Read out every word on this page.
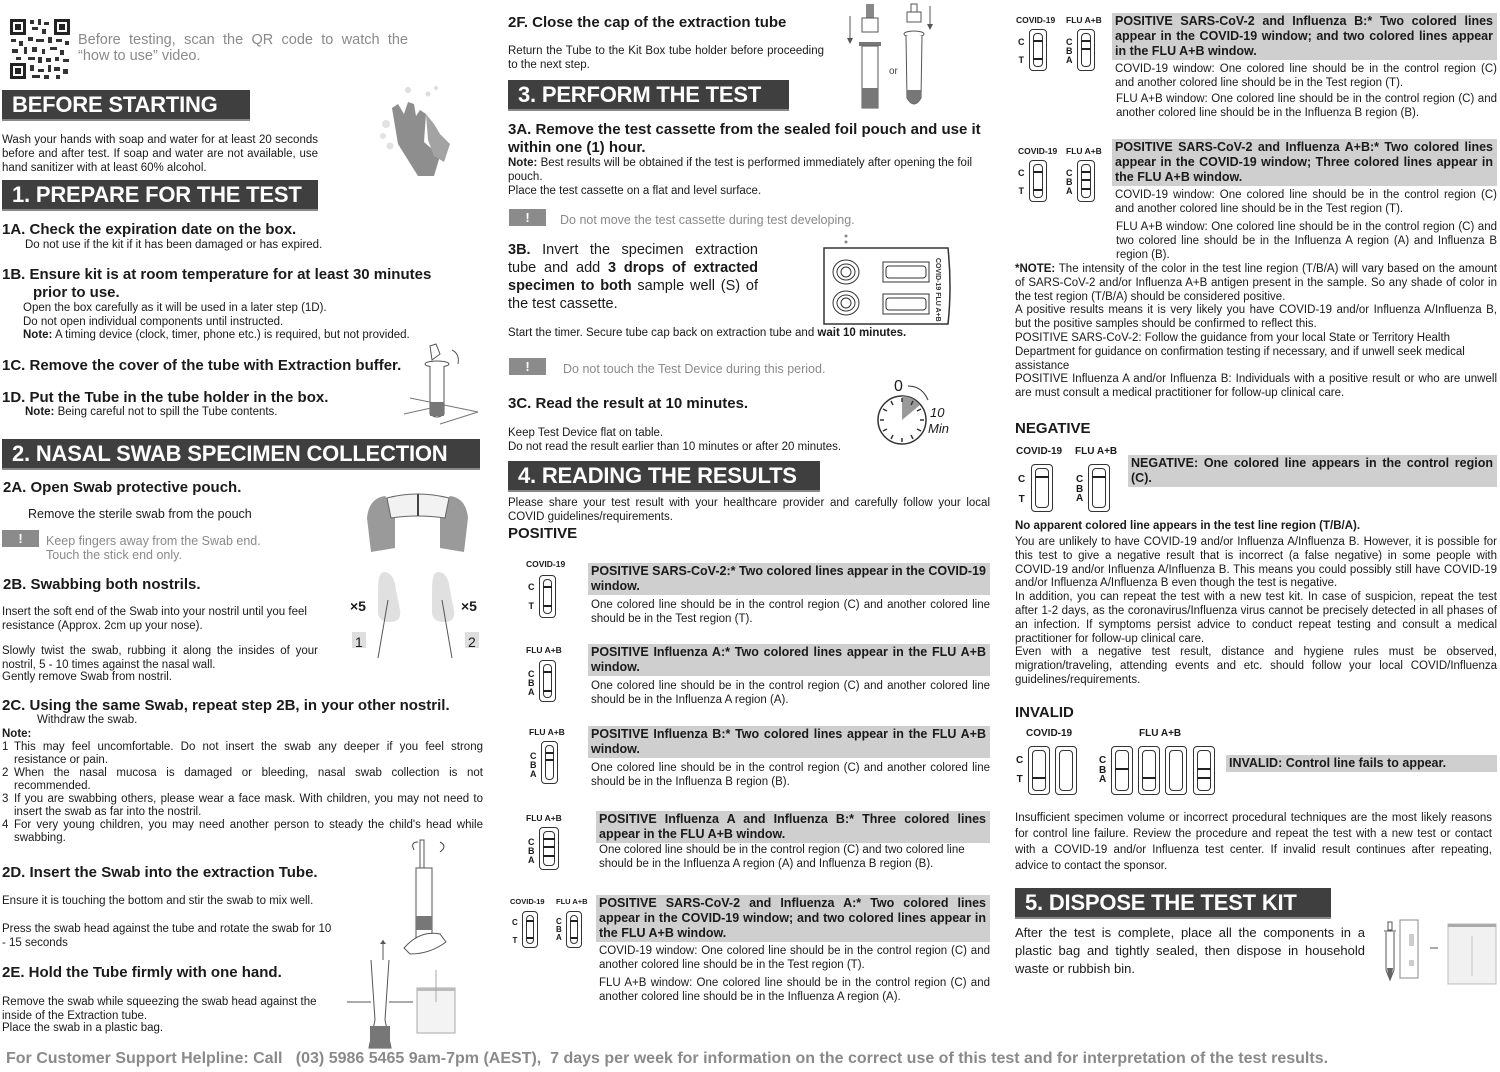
Before testing, scan the QR code to watch the “how to use” video.
BEFORE STARTING
Wash your hands with soap and water for at least 20 seconds before and after test. If soap and water are not available, use hand sanitizer with at least 60% alcohol.
1. PREPARE FOR THE TEST
1A. Check the expiration date on the box.
Do not use if the kit if it has been damaged or has expired.
1B. Ensure kit is at room temperature for at least 30 minutes
prior to use.
Open the box carefully as it will be used in a later step (1D).
Do not open individual components until instructed.
Note: A timing device (clock, timer, phone etc.) is required, but not provided.
1C. Remove the cover of the tube with Extraction buffer.
1D. Put the Tube in the tube holder in the box.
Note: Being careful not to spill the Tube contents.
2. NASAL SWAB SPECIMEN COLLECTION
2A. Open Swab protective pouch.
Remove the sterile swab from the pouch
!	Keep fingers away from the Swab end.
Touch the stick end only.
2B. Swabbing both nostrils.
Insert the soft end of the Swab into your nostril until you feel resistance (Approx. 2cm up your nose).
Slowly twist the swab, rubbing it along the insides of your nostril, 5 - 10 times against the nasal wall.
Gently remove Swab from nostril.
×5	×5
1	2
2C. Using the same Swab, repeat step 2B, in your other nostril.
Withdraw the swab.
Note:
1 This may feel uncomfortable. Do not insert the swab any deeper if you feel strong resistance or pain.
2 When the nasal mucosa is damaged or bleeding, nasal swab collection is not recommended.
3 If you are swabbing others, please wear a face mask. With children, you may not need to insert the swab as far into the nostril.
4 For very young children, you may need another person to steady the child's head while swabbing.
2D. Insert the Swab into the extraction Tube.
Ensure it is touching the bottom and stir the swab to mix well.
Press the swab head against the tube and rotate the swab for 10 - 15 seconds
2E. Hold the Tube firmly with one hand.
Remove the swab while squeezing the swab head against the inside of the Extraction tube.
Place the swab in a plastic bag.
2F. Close the cap of the extraction tube
Return the Tube to the Kit Box tube holder before proceeding to the next step.
or
3. PERFORM THE TEST
3A. Remove the test cassette from the sealed foil pouch and use it within one (1) hour.
Note: Best results will be obtained if the test is performed immediately after opening the foil pouch.
Place the test cassette on a flat and level surface.
!	Do not move the test cassette during test developing.
3B. Invert the specimen extraction tube and add 3 drops of extracted specimen to both sample well (S) of the test cassette.	COVID-19 FLU A+B
Start the timer. Secure tube cap back on extraction tube and wait 10 minutes.
!	Do not touch the Test Device during this period.
3C. Read the result at 10 minutes.
Keep Test Device flat on table.
Do not read the result earlier than 10 minutes or after 20 minutes.
0
10
Min
4. READING THE RESULTS
Please share your test result with your healthcare provider and carefully follow your local COVID guidelines/requirements.
POSITIVE
COVID-19
C
T
POSITIVE SARS-CoV-2:* Two colored lines appear in the COVID-19 window.
One colored line should be in the control region (C) and another colored line should be in the Test region (T).
FLU A+B
C
B
A
POSITIVE Influenza A:* Two colored lines appear in the FLU A+B window.
One colored line should be in the control region (C) and another colored line should be in the Influenza A region (A).
FLU A+B
C
B
A
POSITIVE Influenza B:* Two colored lines appear in the FLU A+B window.
One colored line should be in the control region (C) and another colored line should be in the Influenza B region (B).
FLU A+B
C
B
A
POSITIVE Influenza A and Influenza B:* Three colored lines appear in the FLU A+B window.
One colored line should be in the control region (C) and two colored line should be in the Influenza A region (A) and Influenza B region (B).
COVID-19 FLU A+B
C
T
C
B
A
POSITIVE SARS-CoV-2 and Influenza A:* Two colored lines appear in the COVID-19 window; and two colored lines appear in the FLU A+B window.
COVID-19 window: One colored line should be in the control region (C) and another colored line should be in the Test region (T).
FLU A+B window: One colored line should be in the control region (C) and another colored line should be in the Influenza A region (A).
COVID-19 FLU A+B
C
T
C
B
A
POSITIVE SARS-CoV-2 and Influenza B:* Two colored lines appear in the COVID-19 window; and two colored lines appear in the FLU A+B window.
COVID-19 window: One colored line should be in the control region (C) and another colored line should be in the Test region (T).
FLU A+B window: One colored line should be in the control region (C) and another colored line should be in the Influenza B region (B).
COVID-19 FLU A+B
C
T
C
B
A
POSITIVE SARS-CoV-2 and Influenza A+B:* Two colored lines appear in the COVID-19 window; Three colored lines appear in the FLU A+B window.
COVID-19 window: One colored line should be in the control region (C) and another colored line should be in the Test region (T).
FLU A+B window: One colored line should be in the control region (C) and two colored line should be in the Influenza A region (A) and Influenza B region (B).
*NOTE: The intensity of the color in the test line region (T/B/A) will vary based on the amount of SARS-CoV-2 and/or Influenza A+B antigen present in the sample. So any shade of color in the test region (T/B/A) should be considered positive.
A positive results means it is very likely you have COVID-19 and/or Influenza A/Influenza B, but the positive samples should be confirmed to reflect this.
POSITIVE SARS-CoV-2: Follow the guidance from your local State or Territory Health Department for guidance on confirmation testing if necessary, and if unwell seek medical assistance
POSITIVE Influenza A and/or Influenza B: Individuals with a positive result or who are unwell are must consult a medical practitioner for follow-up clinical care.
NEGATIVE
COVID-19 FLU A+B
C
T
C
B
A
NEGATIVE: One colored line appears in the control region (C).
No apparent colored line appears in the test line region (T/B/A).
You are unlikely to have COVID-19 and/or Influenza A/Influenza B. However, it is possible for this test to give a negative result that is incorrect (a false negative) in some people with COVID-19 and/or Influenza A/Influenza B. This means you could possibly still have COVID-19 and/or Influenza A/Influenza B even though the test is negative.
In addition, you can repeat the test with a new test kit. In case of suspicion, repeat the test after 1-2 days, as the coronavirus/Influenza virus cannot be precisely detected in all phases of an infection. If symptoms persist advice to conduct repeat testing and consult a medical practitioner for follow-up clinical care.
Even with a negative test result, distance and hygiene rules must be observed, migration/traveling, attending events and etc. should follow your local COVID/Influenza guidelines/requirements.
INVALID
COVID-19	FLU A+B
C
T
C
B
A
INVALID: Control line fails to appear.
Insufficient specimen volume or incorrect procedural techniques are the most likely reasons for control line failure. Review the procedure and repeat the test with a new test or contact with a COVID-19 and/or Influenza test center. If invalid result continues after repeating, advice to contact the sponsor.
5. DISPOSE THE TEST KIT
After the test is complete, place all the components in a plastic bag and tightly sealed, then dispose in household waste or rubbish bin.
For Customer Support Helpline: Call   (03) 5986 5465 9am-7pm (AEST),  7 days per week for information on the correct use of this test and for interpretation of the test results.
